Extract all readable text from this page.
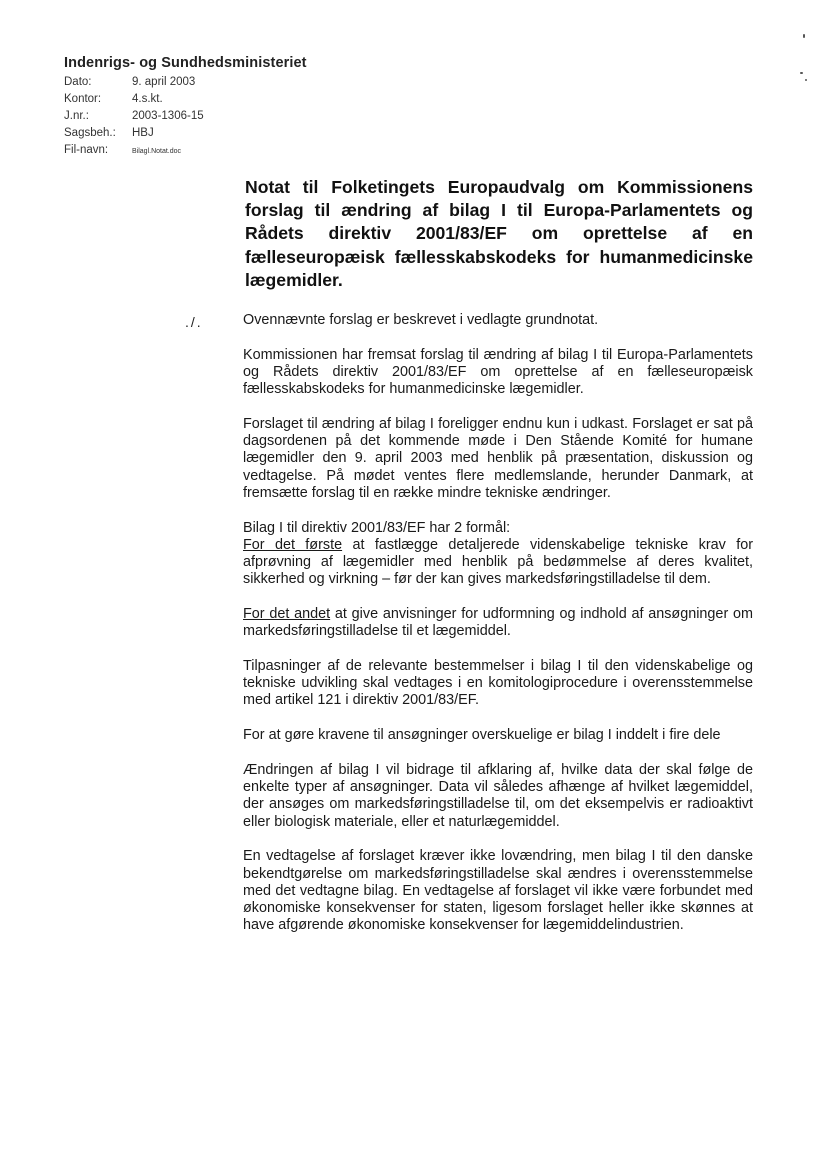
Indenrigs- og Sundhedsministeriet
Dato:	9. april 2003
Kontor:	4.s.kt.
J.nr.:	2003-1306-15
Sagsbeh.: HBJ
Fil-navn:	Bilagl.Notat.doc
Notat til Folketingets Europaudvalg om Kommissionens forslag til ændring af bilag I til Europa-Parlamentets og Rådets direktiv 2001/83/EF om oprettelse af en fælleseuropæisk fællesskabskodeks for humanmedicinske lægemidler.
./.	Ovennævnte forslag er beskrevet i vedlagte grundnotat.

Kommissionen har fremsat forslag til ændring af bilag I til Europa-Parlamentets og Rådets direktiv 2001/83/EF om oprettelse af en fælleseuropæisk fællesskabskodeks for humanmedicinske lægemidler.

Forslaget til ændring af bilag I foreligger endnu kun i udkast. Forslaget er sat på dagsordenen på det kommende møde i Den Stående Komité for humane lægemidler den 9. april 2003 med henblik på præsentation, diskussion og vedtagelse. På mødet ventes flere medlemslande, herunder Danmark, at fremsætte forslag til en række mindre tekniske ændringer.

Bilag I til direktiv 2001/83/EF har 2 formål:
For det første at fastlægge detaljerede videnskabelige tekniske krav for afprøvning af lægemidler med henblik på bedømmelse af deres kvalitet, sikkerhed og virkning – før der kan gives markedsføringstilladelse til dem.

For det andet at give anvisninger for udformning og indhold af ansøgninger om markedsføringstilladelse til et lægemiddel.

Tilpasninger af de relevante bestemmelser i bilag I til den videnskabelige og tekniske udvikling skal vedtages i en komitologiprocedure i overensstemmelse med artikel 121 i direktiv 2001/83/EF.

For at gøre kravene til ansøgninger overskuelige er bilag I inddelt i fire dele

Ændringen af bilag I vil bidrage til afklaring af, hvilke data der skal følge de enkelte typer af ansøgninger. Data vil således afhænge af hvilket lægemiddel, der ansøges om markedsføringstilladelse til, om det eksempelvis er radioaktivt eller biologisk materiale, eller et naturlægemiddel.

En vedtagelse af forslaget kræver ikke lovændring, men bilag I til den danske bekendtgørelse om markedsføringstilladelse skal ændres i overensstemmelse med det vedtagne bilag. En vedtagelse af forslaget vil ikke være forbundet med økonomiske konsekvenser for staten, ligesom forslaget heller ikke skønnes at have afgørende økonomiske konsekvenser for lægemiddelindustrien.
